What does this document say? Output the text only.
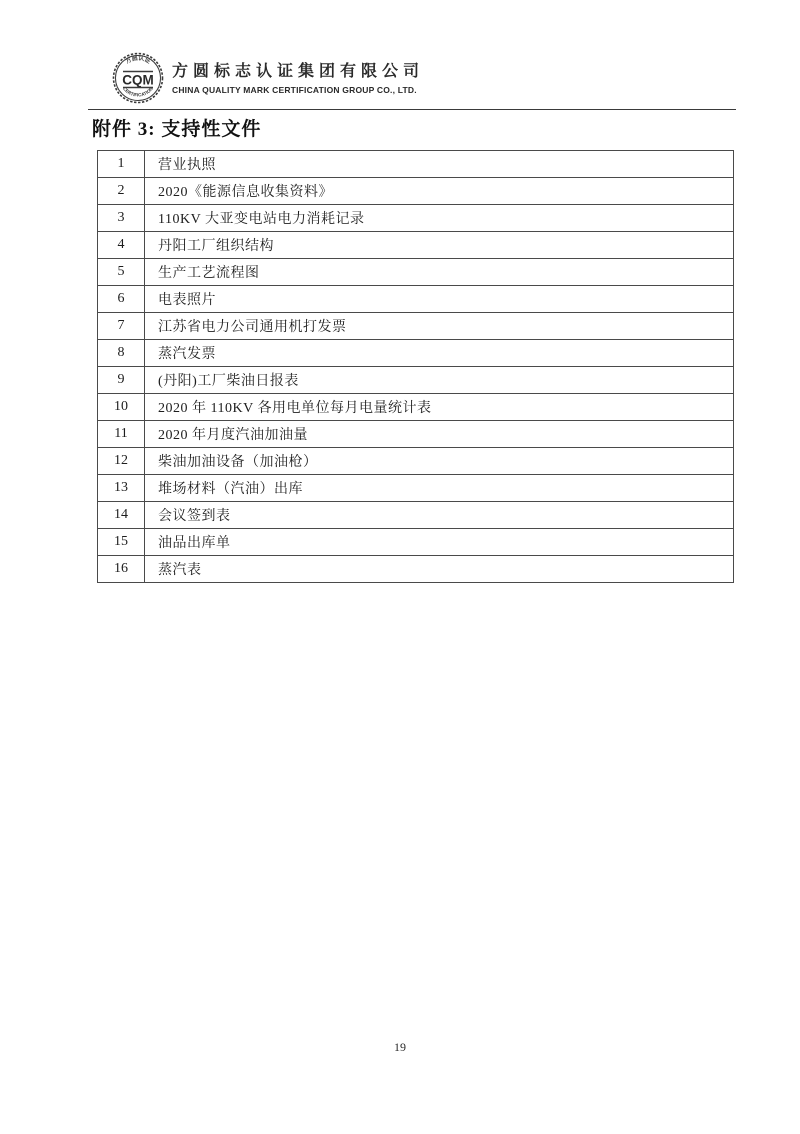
方圆认证
CERTIFICATION
CQM
方圆标志认证集团有限公司
CHINA QUALITY MARK CERTIFICATION GROUP CO., LTD.
附件 3: 支持性文件
1	营业执照
2	2020《能源信息收集资料》
3	110KV 大亚变电站电力消耗记录
4	丹阳工厂组织结构
5	生产工艺流程图
6	电表照片
7	江苏省电力公司通用机打发票
8	蒸汽发票
9	(丹阳)工厂柴油日报表
10	2020 年 110KV 各用电单位每月电量统计表
11	2020 年月度汽油加油量
12	柴油加油设备（加油枪）
13	堆场材料（汽油）出库
14	会议签到表
15	油品出库单
16	蒸汽表
19
